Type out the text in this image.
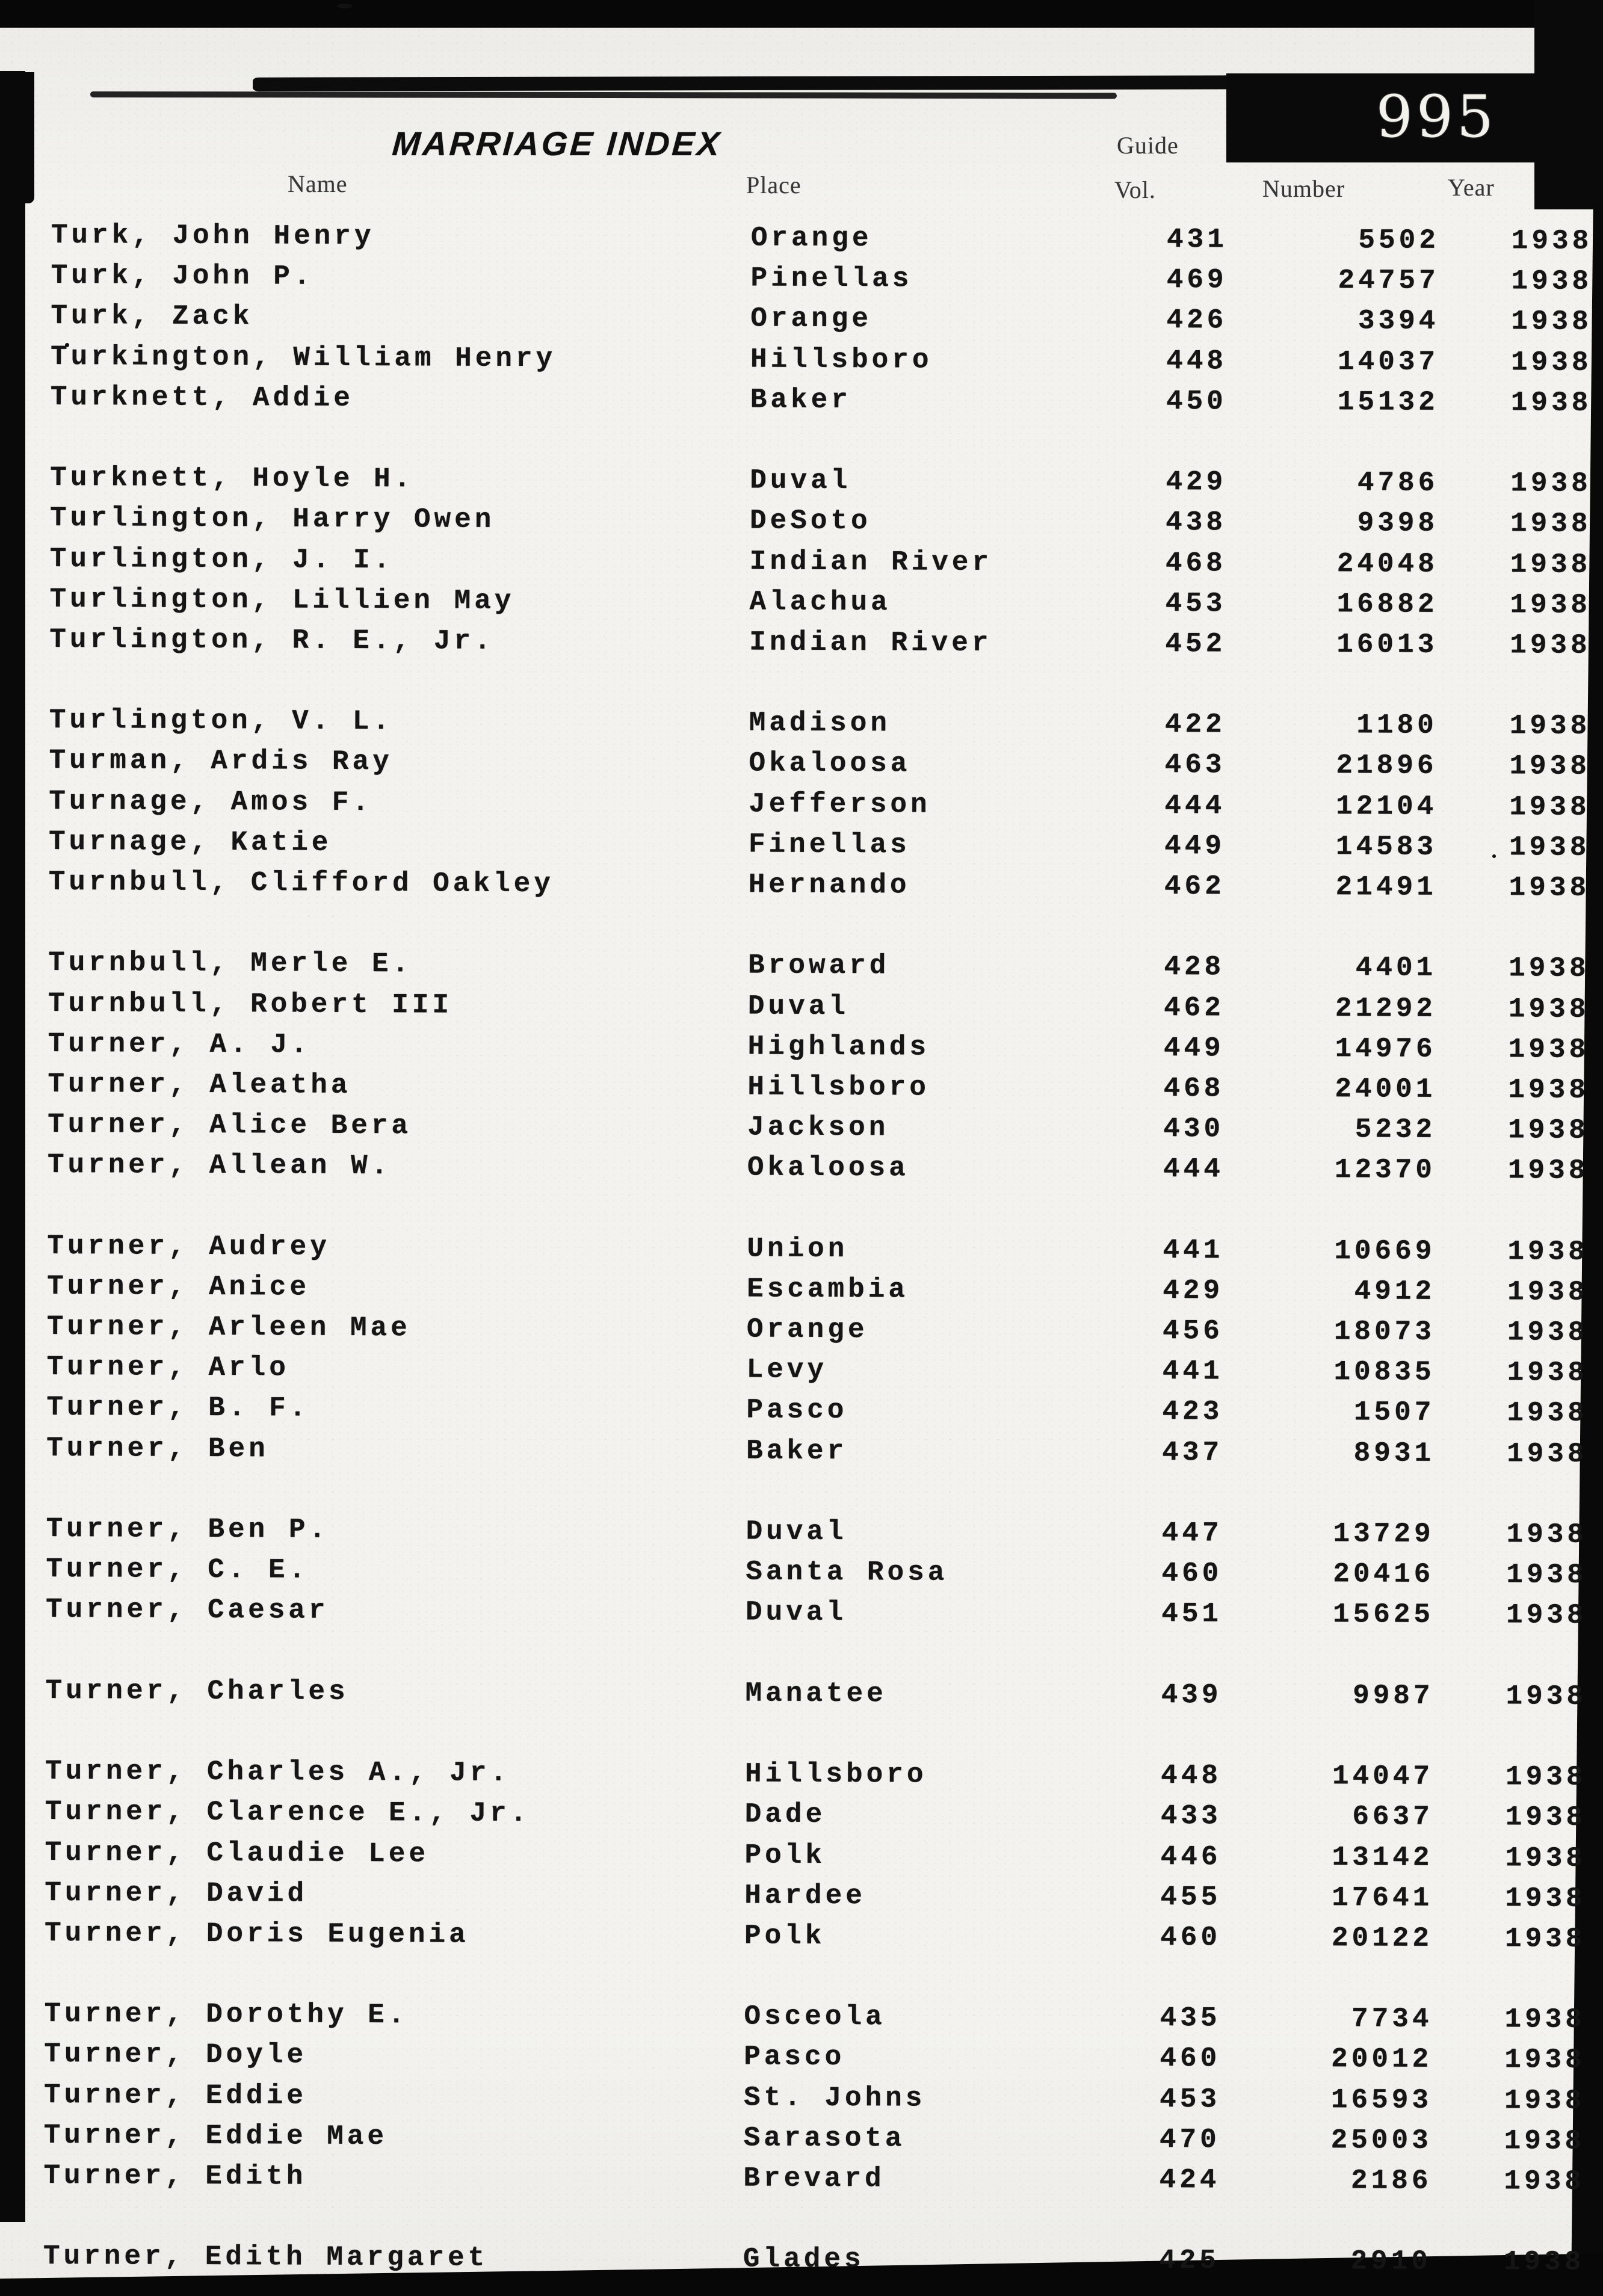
MARRIAGE INDEX	995
Guide
Name	Place	Vol.	Number	Year
Turk, John Henry	Orange	431	5502	1938
Turk, John P.	Pinellas	469	24757	1938
Turk, Zack	Orange	426	3394	1938
Turkington, William Henry	Hillsboro	448	14037	1938
Turknett, Addie	Baker	450	15132	1938
Turknett, Hoyle H.	Duval	429	4786	1938
Turlington, Harry Owen	DeSoto	438	9398	1938
Turlington, J. I.	Indian River	468	24048	1938
Turlington, Lillien May	Alachua	453	16882	1938
Turlington, R. E., Jr.	Indian River	452	16013	1938
Turlington, V. L.	Madison	422	1180	1938
Turman, Ardis Ray	Okaloosa	463	21896	1938
Turnage, Amos F.	Jefferson	444	12104	1938
Turnage, Katie	Finellas	449	14583	1938
Turnbull, Clifford Oakley	Hernando	462	21491	1938
Turnbull, Merle E.	Broward	428	4401	1938
Turnbull, Robert III	Duval	462	21292	1938
Turner, A. J.	Highlands	449	14976	1938
Turner, Aleatha	Hillsboro	468	24001	1938
Turner, Alice Bera	Jackson	430	5232	1938
Turner, Allean W.	Okaloosa	444	12370	1938
Turner, Audrey	Union	441	10669	1938
Turner, Anice	Escambia	429	4912	1938
Turner, Arleen Mae	Orange	456	18073	1938
Turner, Arlo	Levy	441	10835	1938
Turner, B. F.	Pasco	423	1507	1938
Turner, Ben	Baker	437	8931	1938
Turner, Ben P.	Duval	447	13729	1938
Turner, C. E.	Santa Rosa	460	20416	1938
Turner, Caesar	Duval	451	15625	1938
Turner, Charles	Manatee	439	9987	1938
Turner, Charles A., Jr.	Hillsboro	448	14047	1938
Turner, Clarence E., Jr.	Dade	433	6637	1938
Turner, Claudie Lee	Polk	446	13142	1938
Turner, David	Hardee	455	17641	1938
Turner, Doris Eugenia	Polk	460	20122	1938
Turner, Dorothy E.	Osceola	435	7734	1938
Turner, Doyle	Pasco	460	20012	1938
Turner, Eddie	St. Johns	453	16593	1938
Turner, Eddie Mae	Sarasota	470	25003	1938
Turner, Edith	Brevard	424	2186	1938
Turner, Edith Margaret	Glades	425	2910	1938
